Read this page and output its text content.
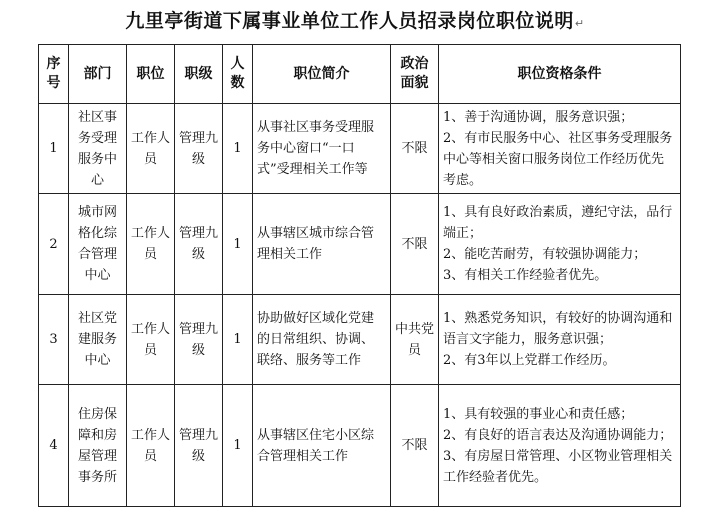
九里亭街道下属事业单位工作人员招录岗位职位说明↵
序号	部门	职位	职级	人数	职位简介	政治面貌	职位资格条件
1	社区事务受理服务中心	工作人员	管理九级	1	从事社区事务受理服务中心窗口“一口式”受理相关工作等	不限	1、善于沟通协调，服务意识强；
2、有市民服务中心、社区事务受理服务中心等相关窗口服务岗位工作经历优先考虑。

2	城市网格化综合管理中心	工作人员	管理九级	1	从事辖区城市综合管理相关工作	不限	1、具有良好政治素质，遵纪守法，品行端正；
2、能吃苦耐劳，有较强协调能力；
3、有相关工作经验者优先。

3	社区党建服务中心	工作人员	管理九级	1	协助做好区域化党建的日常组织、协调、联络、服务等工作	中共党员	1、熟悉党务知识，有较好的协调沟通和语言文字能力，服务意识强；
2、有3年以上党群工作经历。

4	住房保障和房屋管理事务所	工作人员	管理九级	1	从事辖区住宅小区综合管理相关工作	不限	1、具有较强的事业心和责任感；
2、有良好的语言表达及沟通协调能力；
3、有房屋日常管理、小区物业管理相关工作经验者优先。
